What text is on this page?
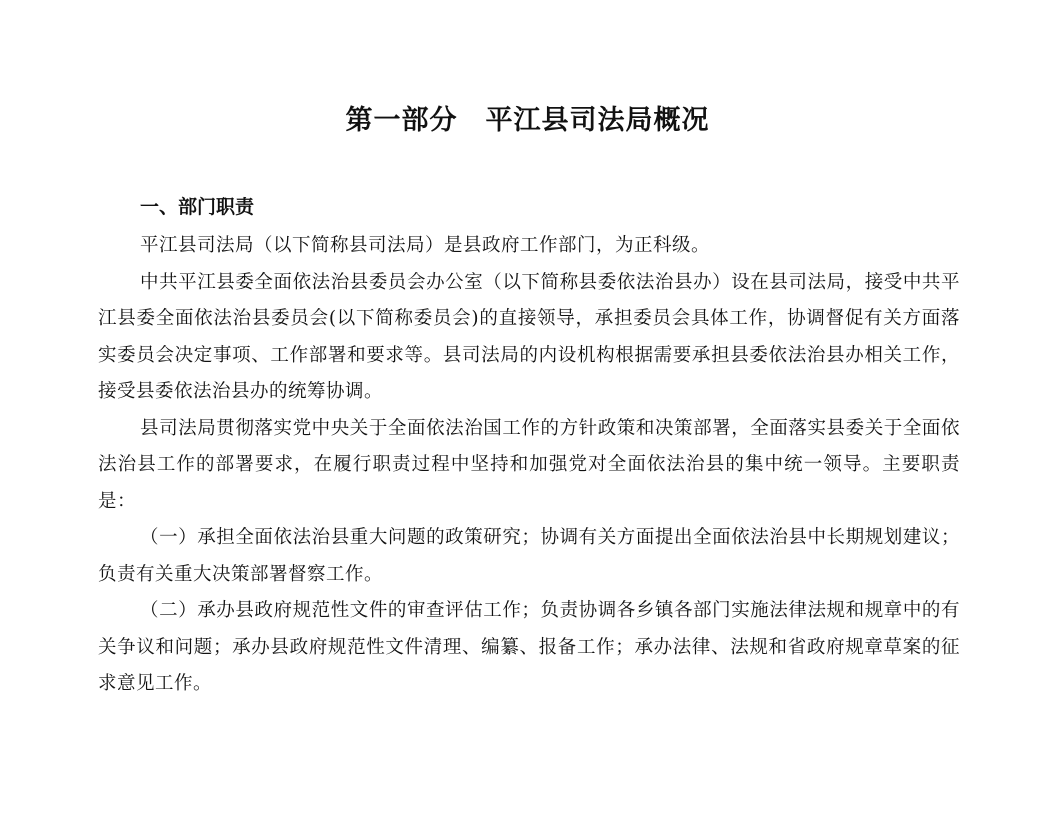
第一部分　平江县司法局概况
一、部门职责

平江县司法局（以下简称县司法局）是县政府工作部门，为正科级。

中共平江县委全面依法治县委员会办公室（以下简称县委依法治县办）设在县司法局，接受中共平江县委全面依法治县委员会(以下简称委员会)的直接领导，承担委员会具体工作，协调督促有关方面落实委员会决定事项、工作部署和要求等。县司法局的内设机构根据需要承担县委依法治县办相关工作，接受县委依法治县办的统筹协调。

县司法局贯彻落实党中央关于全面依法治国工作的方针政策和决策部署，全面落实县委关于全面依法治县工作的部署要求，在履行职责过程中坚持和加强党对全面依法治县的集中统一领导。主要职责是：

（一）承担全面依法治县重大问题的政策研究；协调有关方面提出全面依法治县中长期规划建议；负责有关重大决策部署督察工作。

（二）承办县政府规范性文件的审查评估工作；负责协调各乡镇各部门实施法律法规和规章中的有关争议和问题；承办县政府规范性文件清理、编纂、报备工作；承办法律、法规和省政府规章草案的征求意见工作。
